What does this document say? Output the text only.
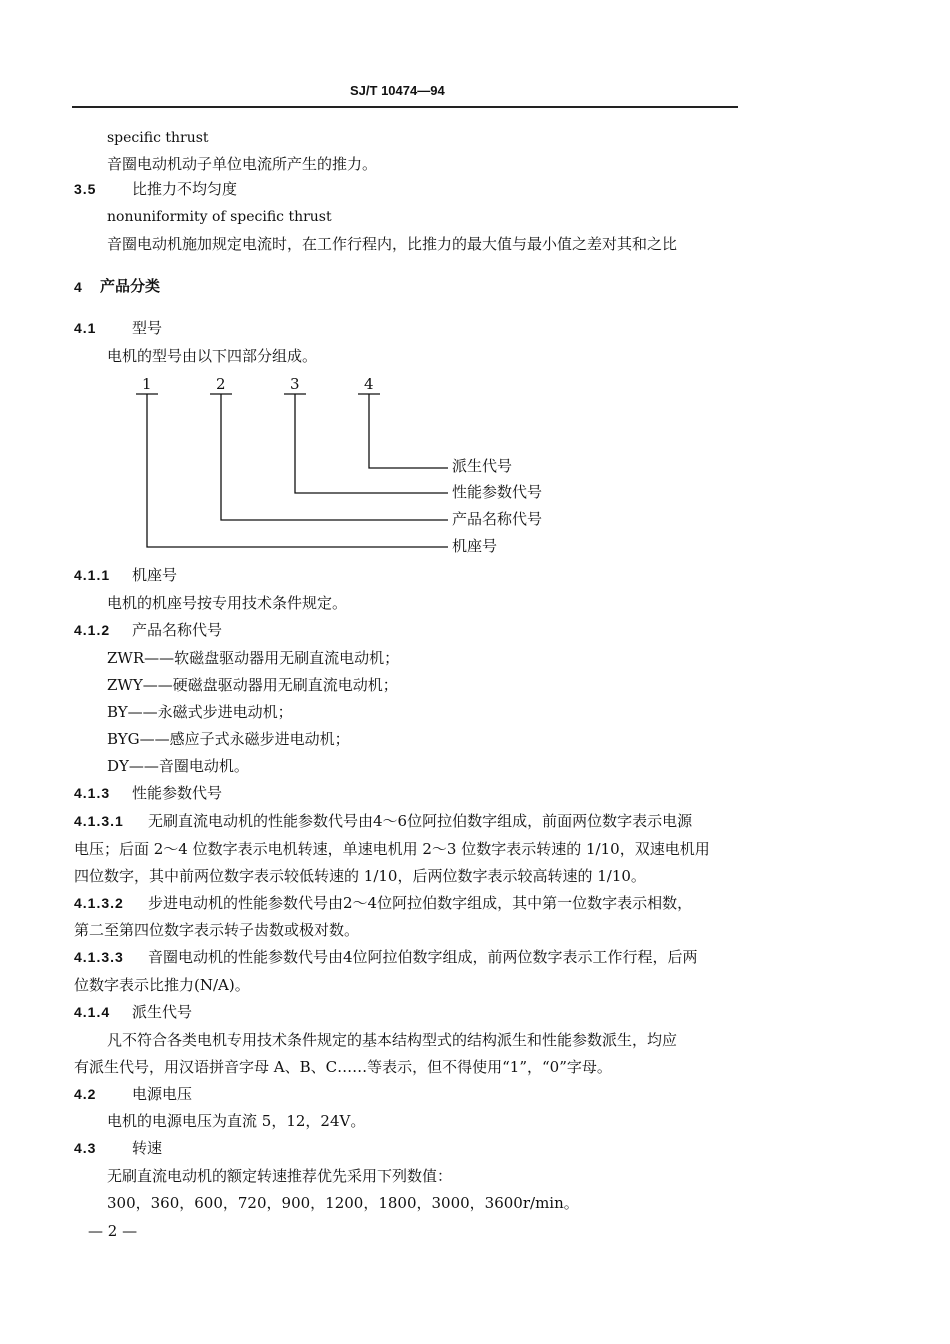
SJ/T 10474—94
specific thrust
音圈电动机动子单位电流所产生的推力。
3.5 比推力不均匀度
nonuniformity of specific thrust
音圈电动机施加规定电流时，在工作行程内，比推力的最大值与最小值之差对其和之比
4 产品分类
4.1 型号
电机的型号由以下四部分组成。
1	2	3	4
派生代号
性能参数代号
产品名称代号
机座号
4.1.1 机座号
电机的机座号按专用技术条件规定。
4.1.2 产品名称代号
ZWR——软磁盘驱动器用无刷直流电动机；
ZWY——硬磁盘驱动器用无刷直流电动机；
BY——永磁式步进电动机；
BYG——感应子式永磁步进电动机；
DY——音圈电动机。
4.1.3 性能参数代号
4.1.3.1 无刷直流电动机的性能参数代号由4～6位阿拉伯数字组成，前面两位数字表示电源
电压；后面 2～4 位数字表示电机转速，单速电机用 2～3 位数字表示转速的 1/10，双速电机用
四位数字，其中前两位数字表示较低转速的 1/10，后两位数字表示较高转速的 1/10。
4.1.3.2 步进电动机的性能参数代号由2～4位阿拉伯数字组成，其中第一位数字表示相数，
第二至第四位数字表示转子齿数或极对数。
4.1.3.3 音圈电动机的性能参数代号由4位阿拉伯数字组成，前两位数字表示工作行程，后两
位数字表示比推力(N/A)。
4.1.4 派生代号
凡不符合各类电机专用技术条件规定的基本结构型式的结构派生和性能参数派生，均应
有派生代号，用汉语拼音字母 A、B、C……等表示，但不得使用“1”，“0”字母。
4.2 电源电压
电机的电源电压为直流 5，12，24V。
4.3 转速
无刷直流电动机的额定转速推荐优先采用下列数值：
300，360，600，720，900，1200，1800，3000，3600r/min。
— 2 —
